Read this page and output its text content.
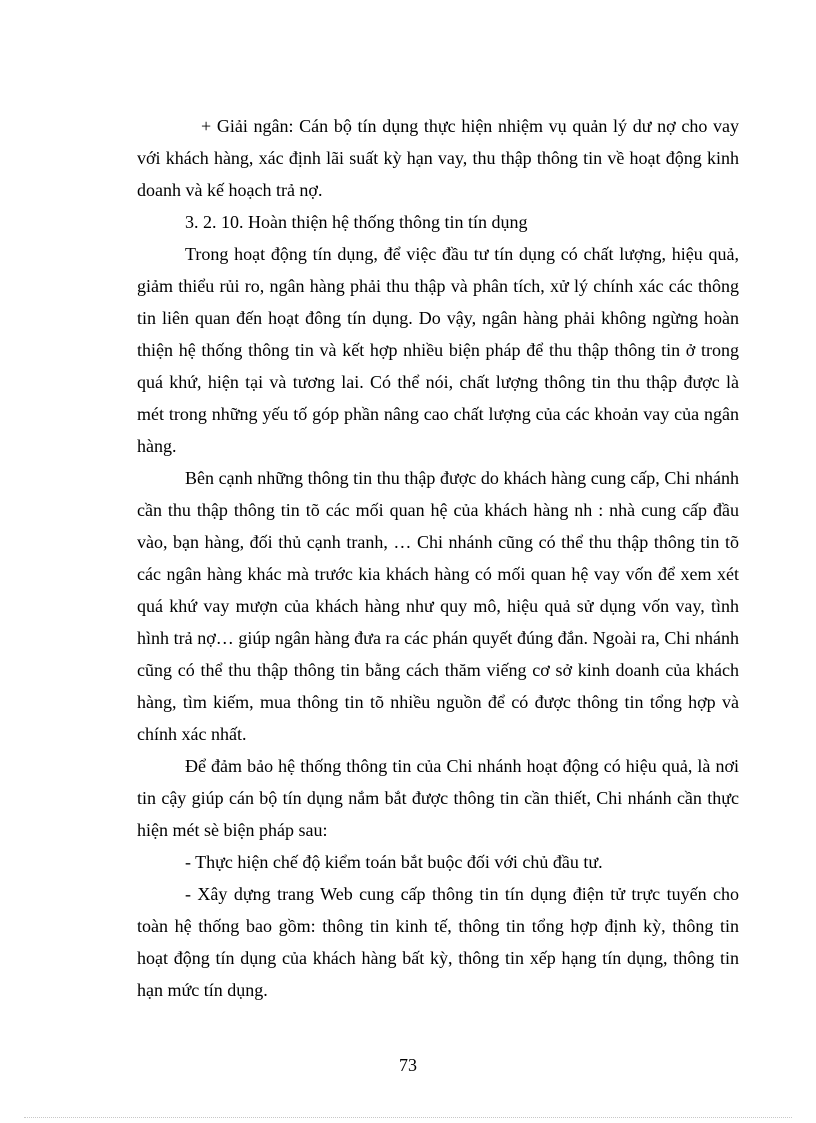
+ Giải ngân: Cán bộ tín dụng thực hiện nhiệm vụ quản lý dư nợ cho vay với khách hàng, xác định lãi suất kỳ hạn vay, thu thập thông tin về hoạt động kinh doanh và kế hoạch trả nợ.

3. 2. 10. Hoàn thiện hệ thống thông tin tín dụng

Trong hoạt động tín dụng, để việc đầu tư tín dụng có chất lượng, hiệu quả, giảm thiểu rủi ro, ngân hàng phải thu thập và phân tích, xử lý chính xác các thông tin liên quan đến hoạt đông tín dụng. Do vậy, ngân hàng phải không ngừng hoàn thiện hệ thống thông tin và kết hợp nhiều biện pháp để thu thập thông tin ở trong quá khứ, hiện tại và tương lai. Có thể nói, chất lượng thông tin thu thập được là mét trong những yếu tố góp phần nâng cao chất lượng của các khoản vay của ngân hàng.

Bên cạnh những thông tin thu thập được do khách hàng cung cấp, Chi nhánh cần thu thập thông tin tõ các mối quan hệ của khách hàng nh : nhà cung cấp đầu vào, bạn hàng, đối thủ cạnh tranh, … Chi nhánh cũng có thể thu thập thông tin tõ các ngân hàng khác mà trước kia khách hàng có mối quan hệ vay vốn để xem xét quá khứ vay mượn của khách hàng như quy mô, hiệu quả sử dụng vốn vay, tình hình trả nợ… giúp ngân hàng đưa ra các phán quyết đúng đắn. Ngoài ra, Chi nhánh cũng có thể thu thập thông tin bằng cách thăm viếng cơ sở kinh doanh của khách hàng, tìm kiếm, mua thông tin tõ nhiều nguồn để có được thông tin tổng hợp và chính xác nhất.

Để đảm bảo hệ thống thông tin của Chi nhánh hoạt động có hiệu quả, là nơi tin cậy giúp cán bộ tín dụng nắm bắt được thông tin cần thiết, Chi nhánh cần thực hiện mét sè biện pháp sau:

- Thực hiện chế độ kiểm toán bắt buộc đối với chủ đầu tư.

- Xây dựng trang Web cung cấp thông tin tín dụng điện tử trực tuyến cho toàn hệ thống bao gồm: thông tin kinh tế, thông tin tổng hợp định kỳ, thông tin hoạt động tín dụng của khách hàng bất kỳ, thông tin xếp hạng tín dụng, thông tin hạn mức tín dụng.

73
